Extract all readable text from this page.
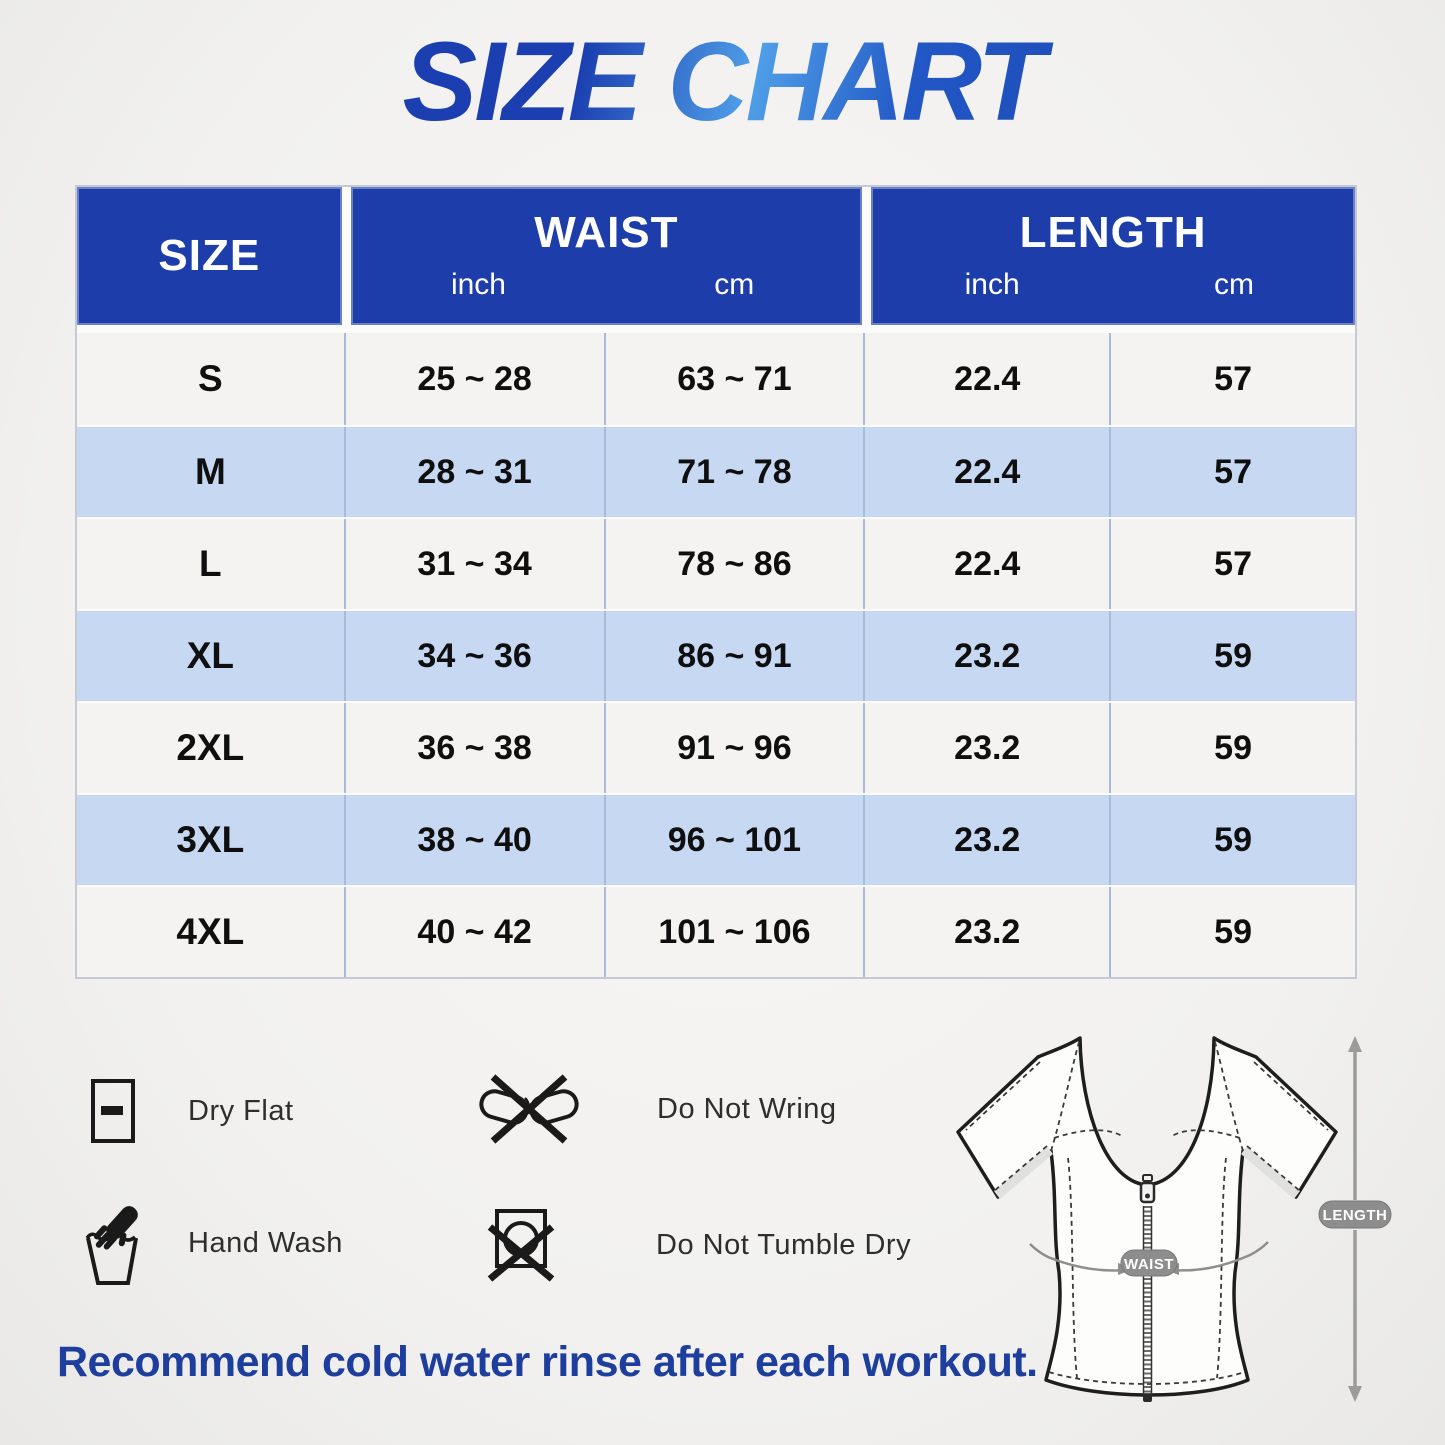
SIZE CHART
SIZE	WAIST
inch	cm
LENGTH
inch	cm
S	25 ~ 28	63 ~ 71	22.4	57
M	28 ~ 31	71 ~ 78	22.4	57
L	31 ~ 34	78 ~ 86	22.4	57
XL	34 ~ 36	86 ~ 91	23.2	59
2XL	36 ~ 38	91 ~ 96	23.2	59
3XL	38 ~ 40	96 ~ 101	23.2	59
4XL	40 ~ 42	101 ~ 106	23.2	59
Dry Flat	Do Not Wring
Hand Wash	Do Not Tumble Dry
WAIST
LENGTH
Recommend cold water rinse after each workout.
